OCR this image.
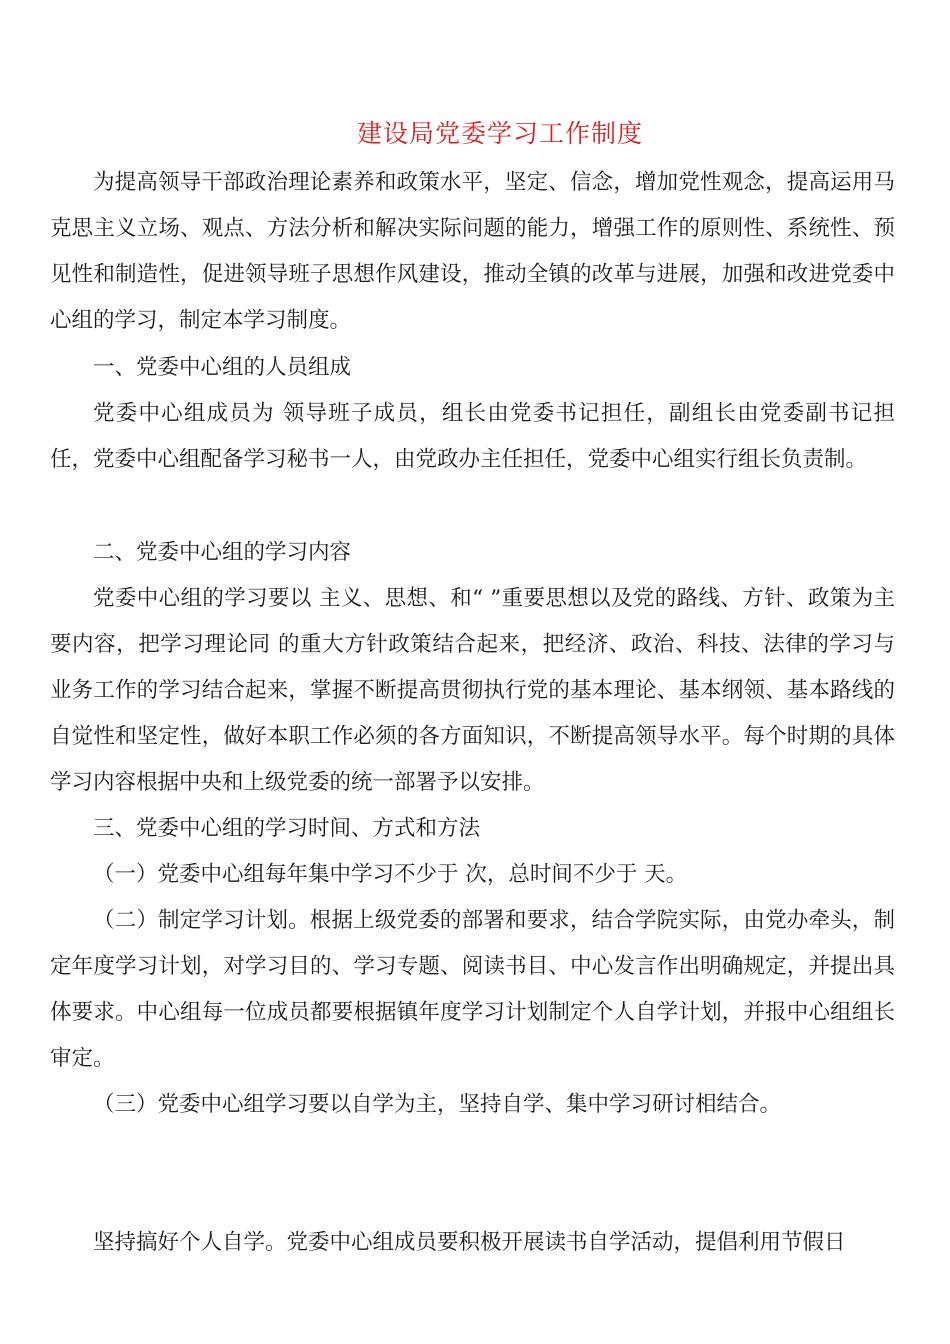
建设局党委学习工作制度
为提高领导干部政治理论素养和政策水平，坚定、信念，增加党性观念，提高运用马克思主义立场、观点、方法分析和解决实际问题的能力，增强工作的原则性、系统性、预见性和制造性，促进领导班子思想作风建设，推动全镇的改革与进展，加强和改进党委中心组的学习，制定本学习制度。
一、党委中心组的人员组成
党委中心组成员为 领导班子成员，组长由党委书记担任，副组长由党委副书记担任，党委中心组配备学习秘书一人，由党政办主任担任，党委中心组实行组长负责制。
二、党委中心组的学习内容
党委中心组的学习要以 主义、思想、和“ ”重要思想以及党的路线、方针、政策为主要内容，把学习理论同 的重大方针政策结合起来，把经济、政治、科技、法律的学习与业务工作的学习结合起来，掌握不断提高贯彻执行党的基本理论、基本纲领、基本路线的自觉性和坚定性，做好本职工作必须的各方面知识，不断提高领导水平。每个时期的具体学习内容根据中央和上级党委的统一部署予以安排。
三、党委中心组的学习时间、方式和方法
（一）党委中心组每年集中学习不少于 次，总时间不少于 天。
（二）制定学习计划。根据上级党委的部署和要求，结合学院实际，由党办牵头，制定年度学习计划，对学习目的、学习专题、阅读书目、中心发言作出明确规定，并提出具体要求。中心组每一位成员都要根据镇年度学习计划制定个人自学计划，并报中心组组长审定。
（三）党委中心组学习要以自学为主，坚持自学、集中学习研讨相结合。
坚持搞好个人自学。党委中心组成员要积极开展读书自学活动，提倡利用节假日
